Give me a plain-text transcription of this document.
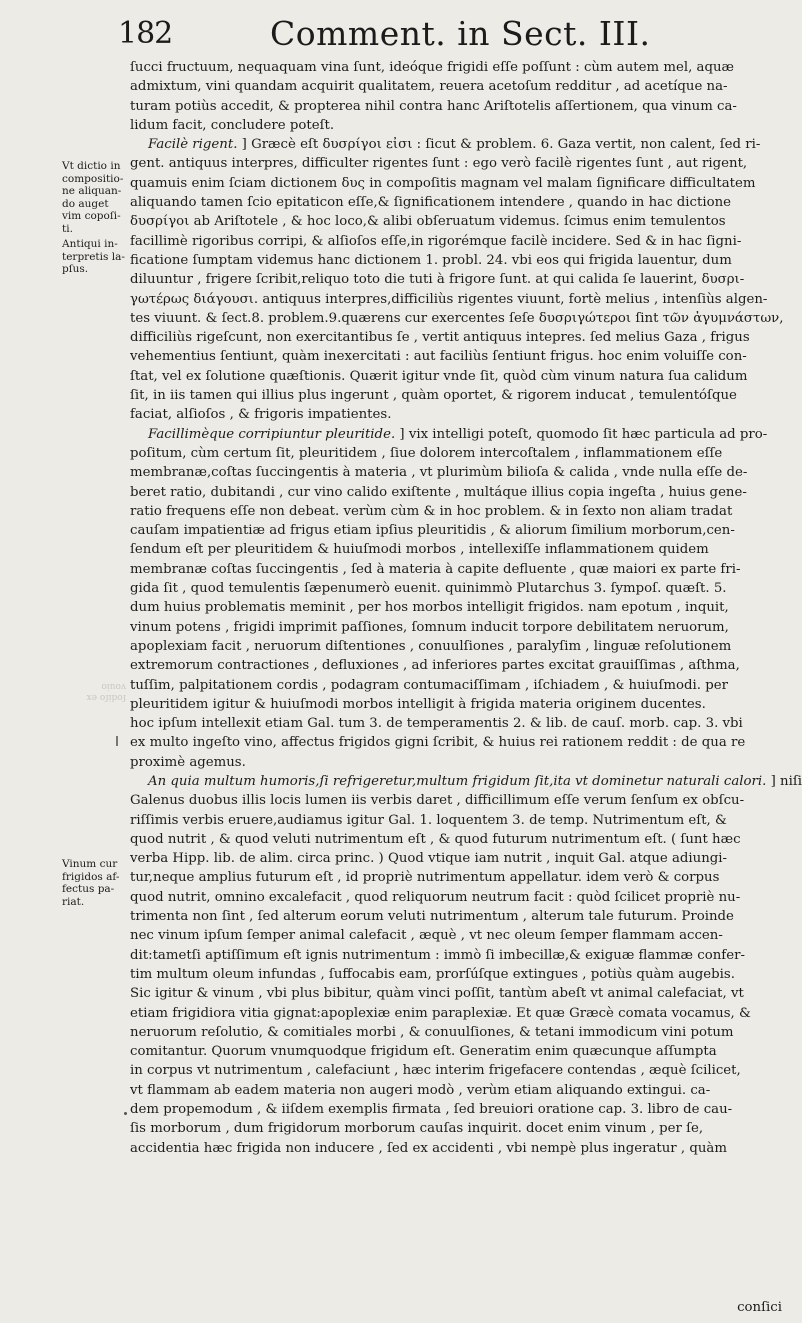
182	Comment. in Sect. III.
Vt dictio in
compositio-
ne aliquan-
do auget
vim copoſi-
ti.
Antiqui in-
terpretis la-
pſus.
Vinum cur
frigidos af-
fectus pa-
riat.
ſodiſo ex
vouio
ſucci fructuum, nequaquam vina ſunt, ideóque frigidi eſſe poſſunt : cùm autem mel, aquæ
admixtum, vini quandam acquirit qualitatem, reuera acetoſum redditur , ad acetíque na-
turam potiùs accedit, & propterea nihil contra hanc Ariſtotelis aſſertionem, qua vinum ca-
lidum facit, concludere poteſt.
Facilè rigent. ] Græcè eſt δυσρίγοι εἰσι : ſicut & problem. 6. Gaza vertit, non calent, ſed ri-
gent. antiquus interpres, difficulter rigentes ſunt : ego verò facilè rigentes ſunt , aut rigent,
quamuis enim ſciam dictionem δυς in compoſitis magnam vel malam ſignificare difficultatem
aliquando tamen ſcio epitaticon eſſe,& ſignificationem intendere , quando in hac dictione
δυσρίγοι ab Ariſtotele , & hoc loco,& alibi obſeruatum videmus. ſcimus enim temulentos
facillimè rigoribus corripi, & alſioſos eſſe,in rigorémque facilè incidere. Sed & in hac ſigni-
ficatione ſumptam videmus hanc dictionem 1. probl. 24. vbi eos qui frigida lauentur, dum
diluuntur , frigere ſcribit,reliquo toto die tuti à frigore ſunt. at qui calida ſe lauerint, δυσρι-
γωτέρως διάγουσι. antiquus interpres,difficiliùs rigentes viuunt, fortè melius , intenſiùs algen-
tes viuunt. & ſect.8. problem.9.quærens cur exercentes ſeſe δυσριγώτεροι ſint τῶν ἀγυμνάστων,
difficiliùs rigeſcunt, non exercitantibus ſe , vertit antiquus intepres. ſed melius Gaza , frigus
vehementius ſentiunt, quàm inexercitati : aut faciliùs ſentiunt frigus. hoc enim voluiſſe con-
ſtat, vel ex ſolutione quæſtionis. Quærit igitur vnde ſit, quòd cùm vinum natura ſua calidum
ſit, in iis tamen qui illius plus ingerunt , quàm oportet, & rigorem inducat , temulentóſque
faciat, alſioſos , & frigoris impatientes.
Facillimèque corripiuntur pleuritide. ] vix intelligi poteſt, quomodo ſit hæc particula ad pro-
poſitum, cùm certum ſit, pleuritidem , ſiue dolorem intercoſtalem , inflammationem eſſe
membranæ,coſtas ſuccingentis à materia , vt plurimùm bilioſa & calida , vnde nulla eſſe de-
beret ratio, dubitandi , cur vino calido exiſtente , multáque illius copia ingeſta , huius gene-
ratio frequens eſſe non debeat. verùm cùm & in hoc problem. & in ſexto non aliam tradat
cauſam impatientiæ ad frigus etiam ipſius pleuritidis , & aliorum ſimilium morborum,cen-
ſendum eſt per pleuritidem & huiuſmodi morbos , intellexiſſe inflammationem quidem
membranæ coſtas ſuccingentis , ſed à materia à capite defluente , quæ maiori ex parte fri-
gida ſit , quod temulentis ſæpenumerò euenit. quinimmò Plutarchus 3. ſympoſ. quæſt. 5.
dum huius problematis meminit , per hos morbos intelligit frigidos. nam epotum , inquit,
vinum potens , frigidi imprimit paſſiones, ſomnum inducit torpore debilitatem neruorum,
apoplexiam facit , neruorum diſtentiones , conuulſiones , paralyſim , linguæ reſolutionem
extremorum contractiones , defluxiones , ad inferiores partes excitat grauiſſimas , aſthma,
tuſſim, palpitationem cordis , podagram contumaciſſimam , iſchiadem , & huiuſmodi. per
pleuritidem igitur & huiuſmodi morbos intelligit à frigida materia originem ducentes.
hoc ipſum intellexit etiam Gal. tum 3. de temperamentis 2. & lib. de cauſ. morb. cap. 3. vbi
ex multo ingeſto vino, affectus frigidos gigni ſcribit, & huius rei rationem reddit : de qua re
proximè agemus.
An quia multum humoris,ſi refrigeretur,multum frigidum ſit,ita vt dominetur naturali calori. ] niſi
Galenus duobus illis locis lumen iis verbis daret , difficillimum eſſe verum ſenſum ex obſcu-
riſſimis verbis eruere,audiamus igitur Gal. 1. loquentem 3. de temp. Nutrimentum eſt, &
quod nutrit , & quod veluti nutrimentum eſt , & quod futurum nutrimentum eſt. ( ſunt hæc
verba Hipp. lib. de alim. circa princ. ) Quod vtique iam nutrit , inquit Gal. atque adiungi-
tur,neque amplius futurum eſt , id propriè nutrimentum appellatur. idem verò & corpus
quod nutrit, omnino excalefacit , quod reliquorum neutrum facit : quòd ſcilicet propriè nu-
trimenta non ſint , ſed alterum eorum veluti nutrimentum , alterum tale futurum. Proinde
nec vinum ipſum ſemper animal calefacit , æquè , vt nec oleum ſemper flammam accen-
dit:tametſi aptiſſimum eſt ignis nutrimentum : immò ſi imbecillæ,& exiguæ flammæ confer-
tim multum oleum infundas , ſuffocabis eam, prorſúſque extingues , potiùs quàm augebis.
Sic igitur & vinum , vbi plus bibitur, quàm vinci poſſit, tantùm abeſt vt animal calefaciat, vt
etiam frigidiora vitia gignat:apoplexiæ enim paraplexiæ. Et quæ Græcè comata vocamus, &
neruorum reſolutio, & comitiales morbi , & conuulſiones, & tetani immodicum vini potum
comitantur. Quorum vnumquodque frigidum eſt. Generatim enim quæcunque aſſumpta
in corpus vt nutrimentum , calefaciunt , hæc interim frigefacere contendas , æquè ſcilicet,
vt flammam ab eadem materia non augeri modò , verùm etiam aliquando extingui. ca-
dem propemodum , & iiſdem exemplis firmata , ſed breuiori oratione cap. 3. libro de cau-
ſis morborum , dum frigidorum morborum cauſas inquirit. docet enim vinum , per ſe,
accidentia hæc frigida non inducere , ſed ex accidenti , vbi nempè plus ingeratur , quàm
conſici
